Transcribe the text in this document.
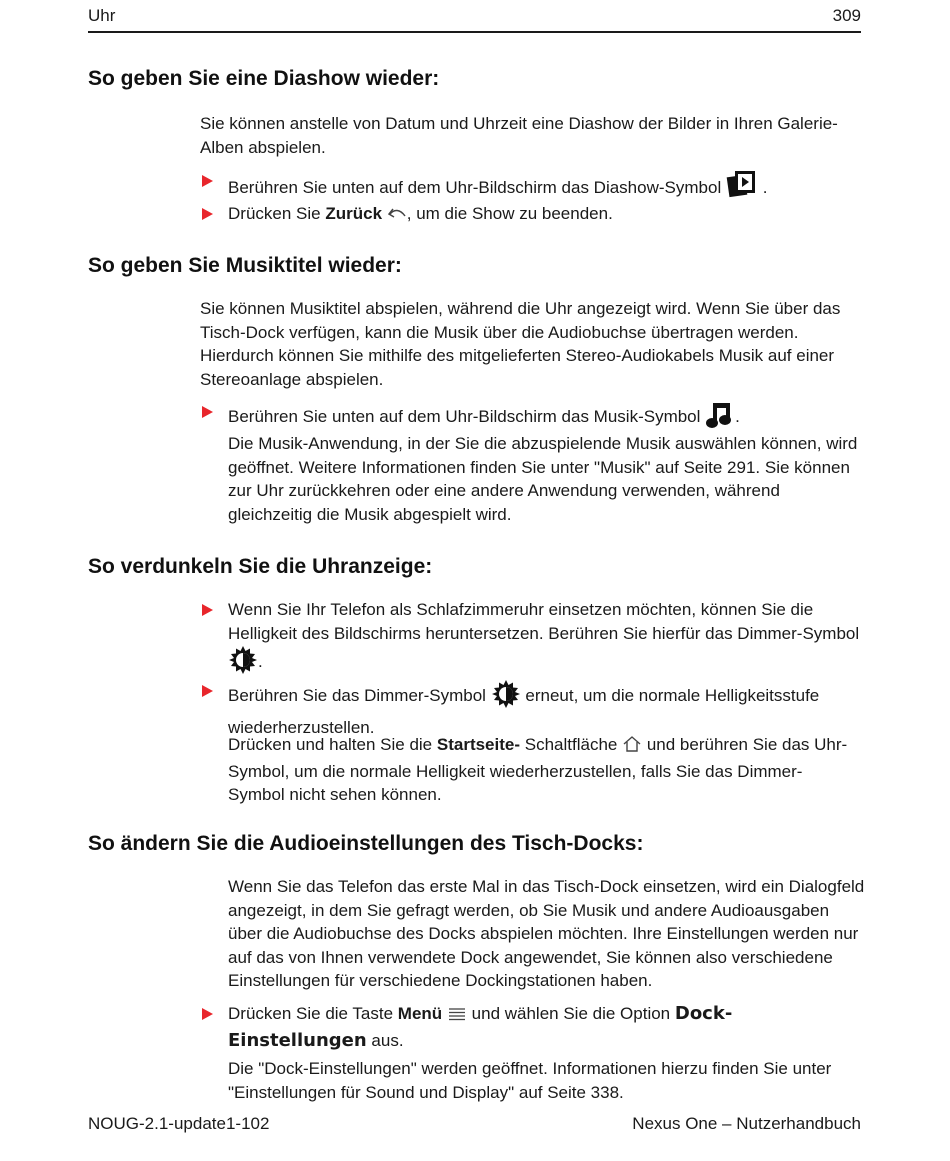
Uhr	309
So geben Sie eine Diashow wieder:

Sie können anstelle von Datum und Uhrzeit eine Diashow der Bilder in Ihren Galerie-Alben abspielen.

Berühren Sie unten auf dem Uhr-Bildschirm das Diashow-Symbol .
Drücken Sie Zurück , um die Show zu beenden.
So geben Sie Musiktitel wieder:

Sie können Musiktitel abspielen, während die Uhr angezeigt wird. Wenn Sie über das Tisch-Dock verfügen, kann die Musik über die Audiobuchse übertragen werden. Hierdurch können Sie mithilfe des mitgelieferten Stereo-Audiokabels Musik auf einer Stereoanlage abspielen.

Berühren Sie unten auf dem Uhr-Bildschirm das Musik-Symbol .

Die Musik-Anwendung, in der Sie die abzuspielende Musik auswählen können, wird geöffnet. Weitere Informationen finden Sie unter "Musik" auf Seite 291. Sie können zur Uhr zurückkehren oder eine andere Anwendung verwenden, während gleichzeitig die Musik abgespielt wird.

So verdunkeln Sie die Uhranzeige:
Wenn Sie Ihr Telefon als Schlafzimmeruhr einsetzen möchten, können Sie die Helligkeit des Bildschirms heruntersetzen. Berühren Sie hierfür das Dimmer-Symbol .
Berühren Sie das Dimmer-Symbol erneut, um die normale Helligkeitsstufe wiederherzustellen.

Drücken und halten Sie die Startseite- Schaltfläche und berühren Sie das Uhr-Symbol, um die normale Helligkeit wiederherzustellen, falls Sie das Dimmer-Symbol nicht sehen können.

So ändern Sie die Audioeinstellungen des Tisch-Docks:

Wenn Sie das Telefon das erste Mal in das Tisch-Dock einsetzen, wird ein Dialogfeld angezeigt, in dem Sie gefragt werden, ob Sie Musik und andere Audioausgaben über die Audiobuchse des Docks abspielen möchten. Ihre Einstellungen werden nur auf das von Ihnen verwendete Dock angewendet, Sie können also verschiedene Einstellungen für verschiedene Dockingstationen haben.

Drücken Sie die Taste Menü und wählen Sie die Option Dock-Einstellungen aus.

Die "Dock-Einstellungen" werden geöffnet. Informationen hierzu finden Sie unter "Einstellungen für Sound und Display" auf Seite 338.

NOUG-2.1-update1-102	Nexus One – Nutzerhandbuch
